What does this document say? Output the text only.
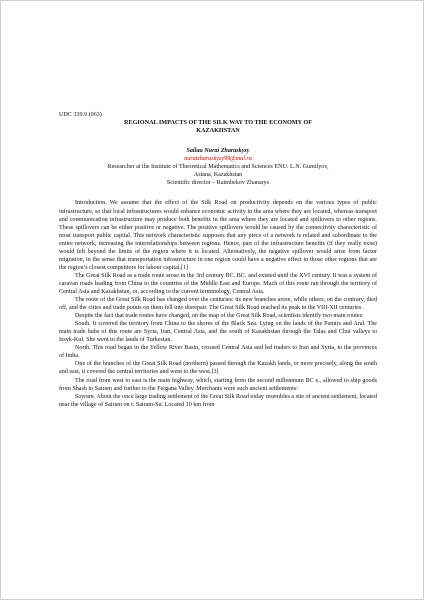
UDC 339.9 (063)

REGIONAL IMPACTS OF THE SILK WAY TO THE ECONOMY OF
KAZAKHSTAN

Sailau Nurai Zharaskyzy

nuraizharaskyzy99@mal.ru

Researcher at the Institute of Theoretical Mathematics and Sciences ENU. L.N. Gumilyov,

Astana, Kazakhstan

Scientific director – Raimbekov Zhanarys

Introduction. We assume that the effect of the Silk Road on productivity depends on the various types of public infrastructure, so that local infrastructures would enhance economic activity in the area where they are located, whereas transport and communication infrastructure may produce both benefits in the area where they are located and spillovers to other regions. These spillovers can be either positive or negative. The positive spillovers would be caused by the connectivity characteristic of most transport public capital. This network characteristic supposes that any piece of a network is related and subordinate to the entire network, increasing the interrelationships between regions. Hence, part of the infrastructure benefits (if they really exist) would felt beyond the limits of the region where it is located. Alternatively, the negative spillover would arise from factor migration, in the sense that transportation infrastructure in one region could have a negative effect in those other regions that are the region’s closest competitors for labour capital.[1]

The Great Silk Road as a trade route arose in the 3rd century BC. BC. and existed until the XVI century. It was a system of caravan roads leading from China to the countries of the Middle East and Europe. Much of this route ran through the territory of Central Asia and Kazakhstan, or, according to the current terminology, Central Asia.

The route of the Great Silk Road has changed over the centuries: its new branches arose, while others, on the contrary, died off, and the cities and trade points on them fell into disrepair. The Great Silk Road reached its peak in the VIII-XII centuries.

Despite the fact that trade routes have changed, on the map of the Great Silk Road, scientists identify two main routes:

South. It covered the territory from China to the shores of the Black Sea. Lying on the lands of the Pamirs and Aral. The main trade hubs of this route are Syria, Iran, Central Asia, and the south of Kazakhstan through the Talas and Chui valleys to Issyk-Kul. She went to the lands of Turkestan.

North. This road began in the Yellow River Basin, crossed Central Asia and led traders to Iran and Syria, to the provinces of India.

One of the branches of the Great Silk Road (northern) passed through the Kazakh lands, or more precisely, along the south and east, it covered the central territories and went to the west.[3]

The road from west to east is the main highway, which, starting from the second millennium BC e., allowed to ship goods from Shash to Sairam and further to the Fergana Valley. Merchants were such ancient settlements:

Sayram. About the once large trading settlement of the Great Silk Road today resembles a site of ancient settlement, located near the village of Sairam on r. Sairam-Su. Located 10 km from
